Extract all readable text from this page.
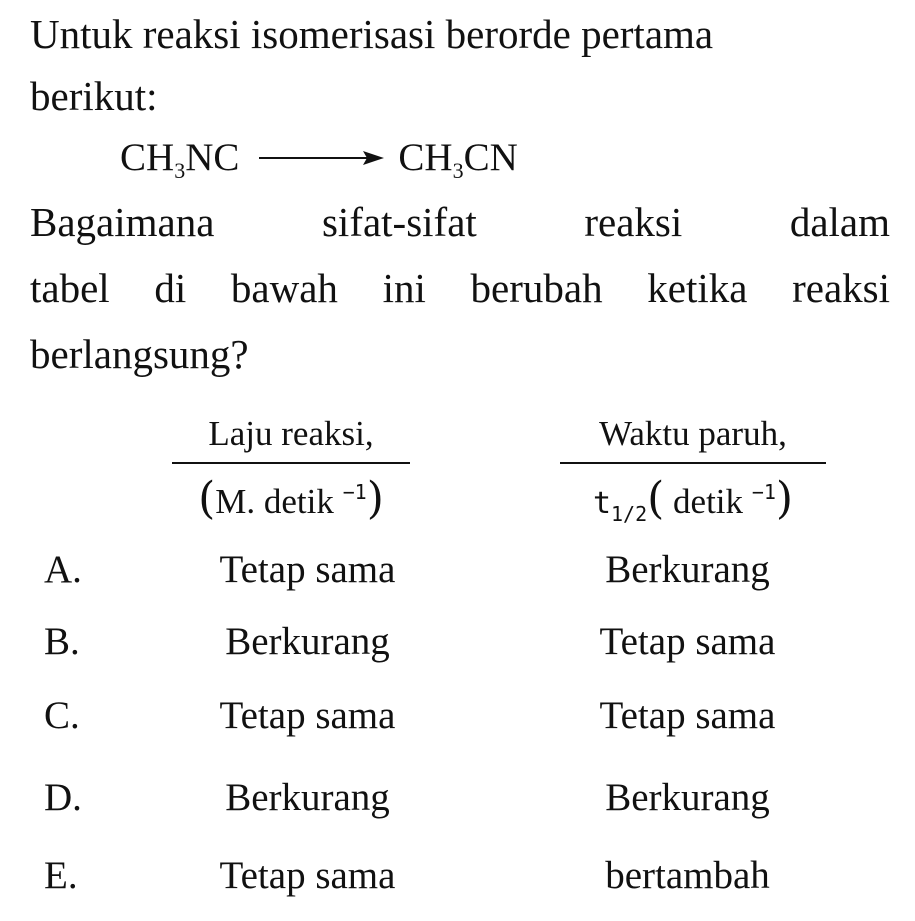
Untuk reaksi isomerisasi berorde pertama
berikut:
$CH_3NC \to CH_3CN$
Bagaimana	sifat-sifat	reaksi	dalam
tabel di bawah ini berubah ketika reaksi
berlangsung?
Laju reaksi,
(M. detik $^{-1}$)
Waktu paruh,
$t_{1/2}$( detik $^{-1}$)
A.	Tetap sama	Berkurang
B.	Berkurang	Tetap sama
C.	Tetap sama	Tetap sama
D.	Berkurang	Berkurang
E.	Tetap sama	bertambah
